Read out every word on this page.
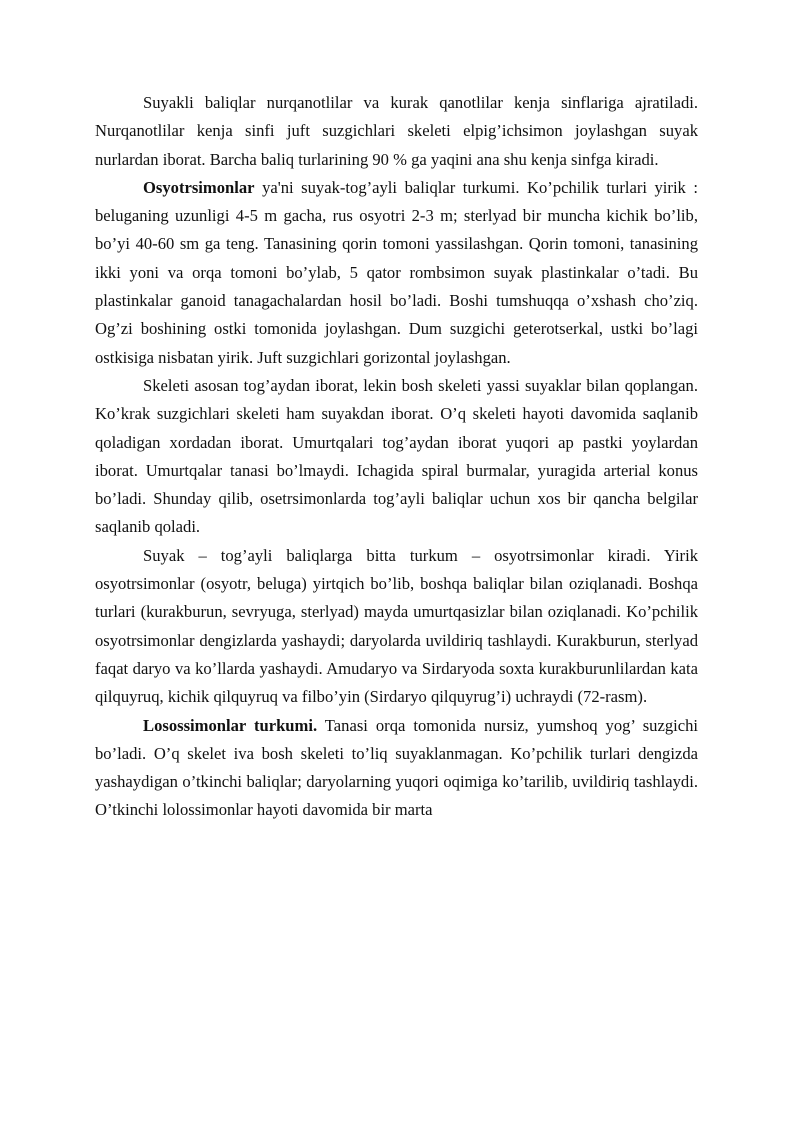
Suyakli baliqlar nurqanotlilar va kurak qanotlilar kenja sinflariga ajratiladi. Nurqanotlilar kenja sinfi juft suzgichlari skeleti elpig’ichsimon joylashgan suyak nurlardan iborat. Barcha baliq turlarining 90 % ga yaqini ana shu kenja sinfga kiradi.

Osyotrsimonlar ya'ni suyak-tog’ayli baliqlar turkumi. Ko’pchilik turlari yirik : beluganing uzunligi 4-5 m gacha, rus osyotri 2-3 m; sterlyad bir muncha kichik bo’lib, bo’yi 40-60 sm ga teng. Tanasining qorin tomoni yassilashgan. Qorin tomoni, tanasining ikki yoni va orqa tomoni bo’ylab, 5 qator rombsimon suyak plastinkalar o’tadi. Bu plastinkalar ganoid tanagachalardan hosil bo’ladi. Boshi tumshuqqa o’xshash cho’ziq. Og’zi boshining ostki tomonida joylashgan. Dum suzgichi geterotserkal, ustki bo’lagi ostkisiga nisbatan yirik. Juft suzgichlari gorizontal joylashgan.

Skeleti asosan tog’aydan iborat, lekin bosh skeleti yassi suyaklar bilan qoplangan. Ko’krak suzgichlari skeleti ham suyakdan iborat. O’q skeleti hayoti davomida saqlanib qoladigan xordadan iborat. Umurtqalari tog’aydan iborat yuqori ap pastki yoylardan iborat. Umurtqalar tanasi bo’lmaydi. Ichagida spiral burmalar, yuragida arterial konus bo’ladi. Shunday qilib, osetrsimonlarda tog’ayli baliqlar uchun xos bir qancha belgilar saqlanib qoladi.

Suyak – tog’ayli baliqlarga bitta turkum – osyotrsimonlar kiradi. Yirik osyotrsimonlar (osyotr, beluga) yirtqich bo’lib, boshqa baliqlar bilan oziqlanadi. Boshqa turlari (kurakburun, sevryuga, sterlyad) mayda umurtqasizlar bilan oziqlanadi. Ko’pchilik osyotrsimonlar dengizlarda yashaydi; daryolarda uvildiriq tashlaydi. Kurakburun, sterlyad faqat daryo va ko’llarda yashaydi. Amudaryo va Sirdaryoda soxta kurakburunlilardan kata qilquyruq, kichik qilquyruq va filbo’yin (Sirdaryo qilquyrug’i) uchraydi (72-rasm).

Losossimonlar turkumi. Tanasi orqa tomonida nursiz, yumshoq yog’ suzgichi bo’ladi. O’q skelet iva bosh skeleti to’liq suyaklanmagan. Ko’pchilik turlari dengizda yashaydigan o’tkinchi baliqlar; daryolarning yuqori oqimiga ko’tarilib, uvildiriq tashlaydi. O’tkinchi lolossimonlar hayoti davomida bir marta
